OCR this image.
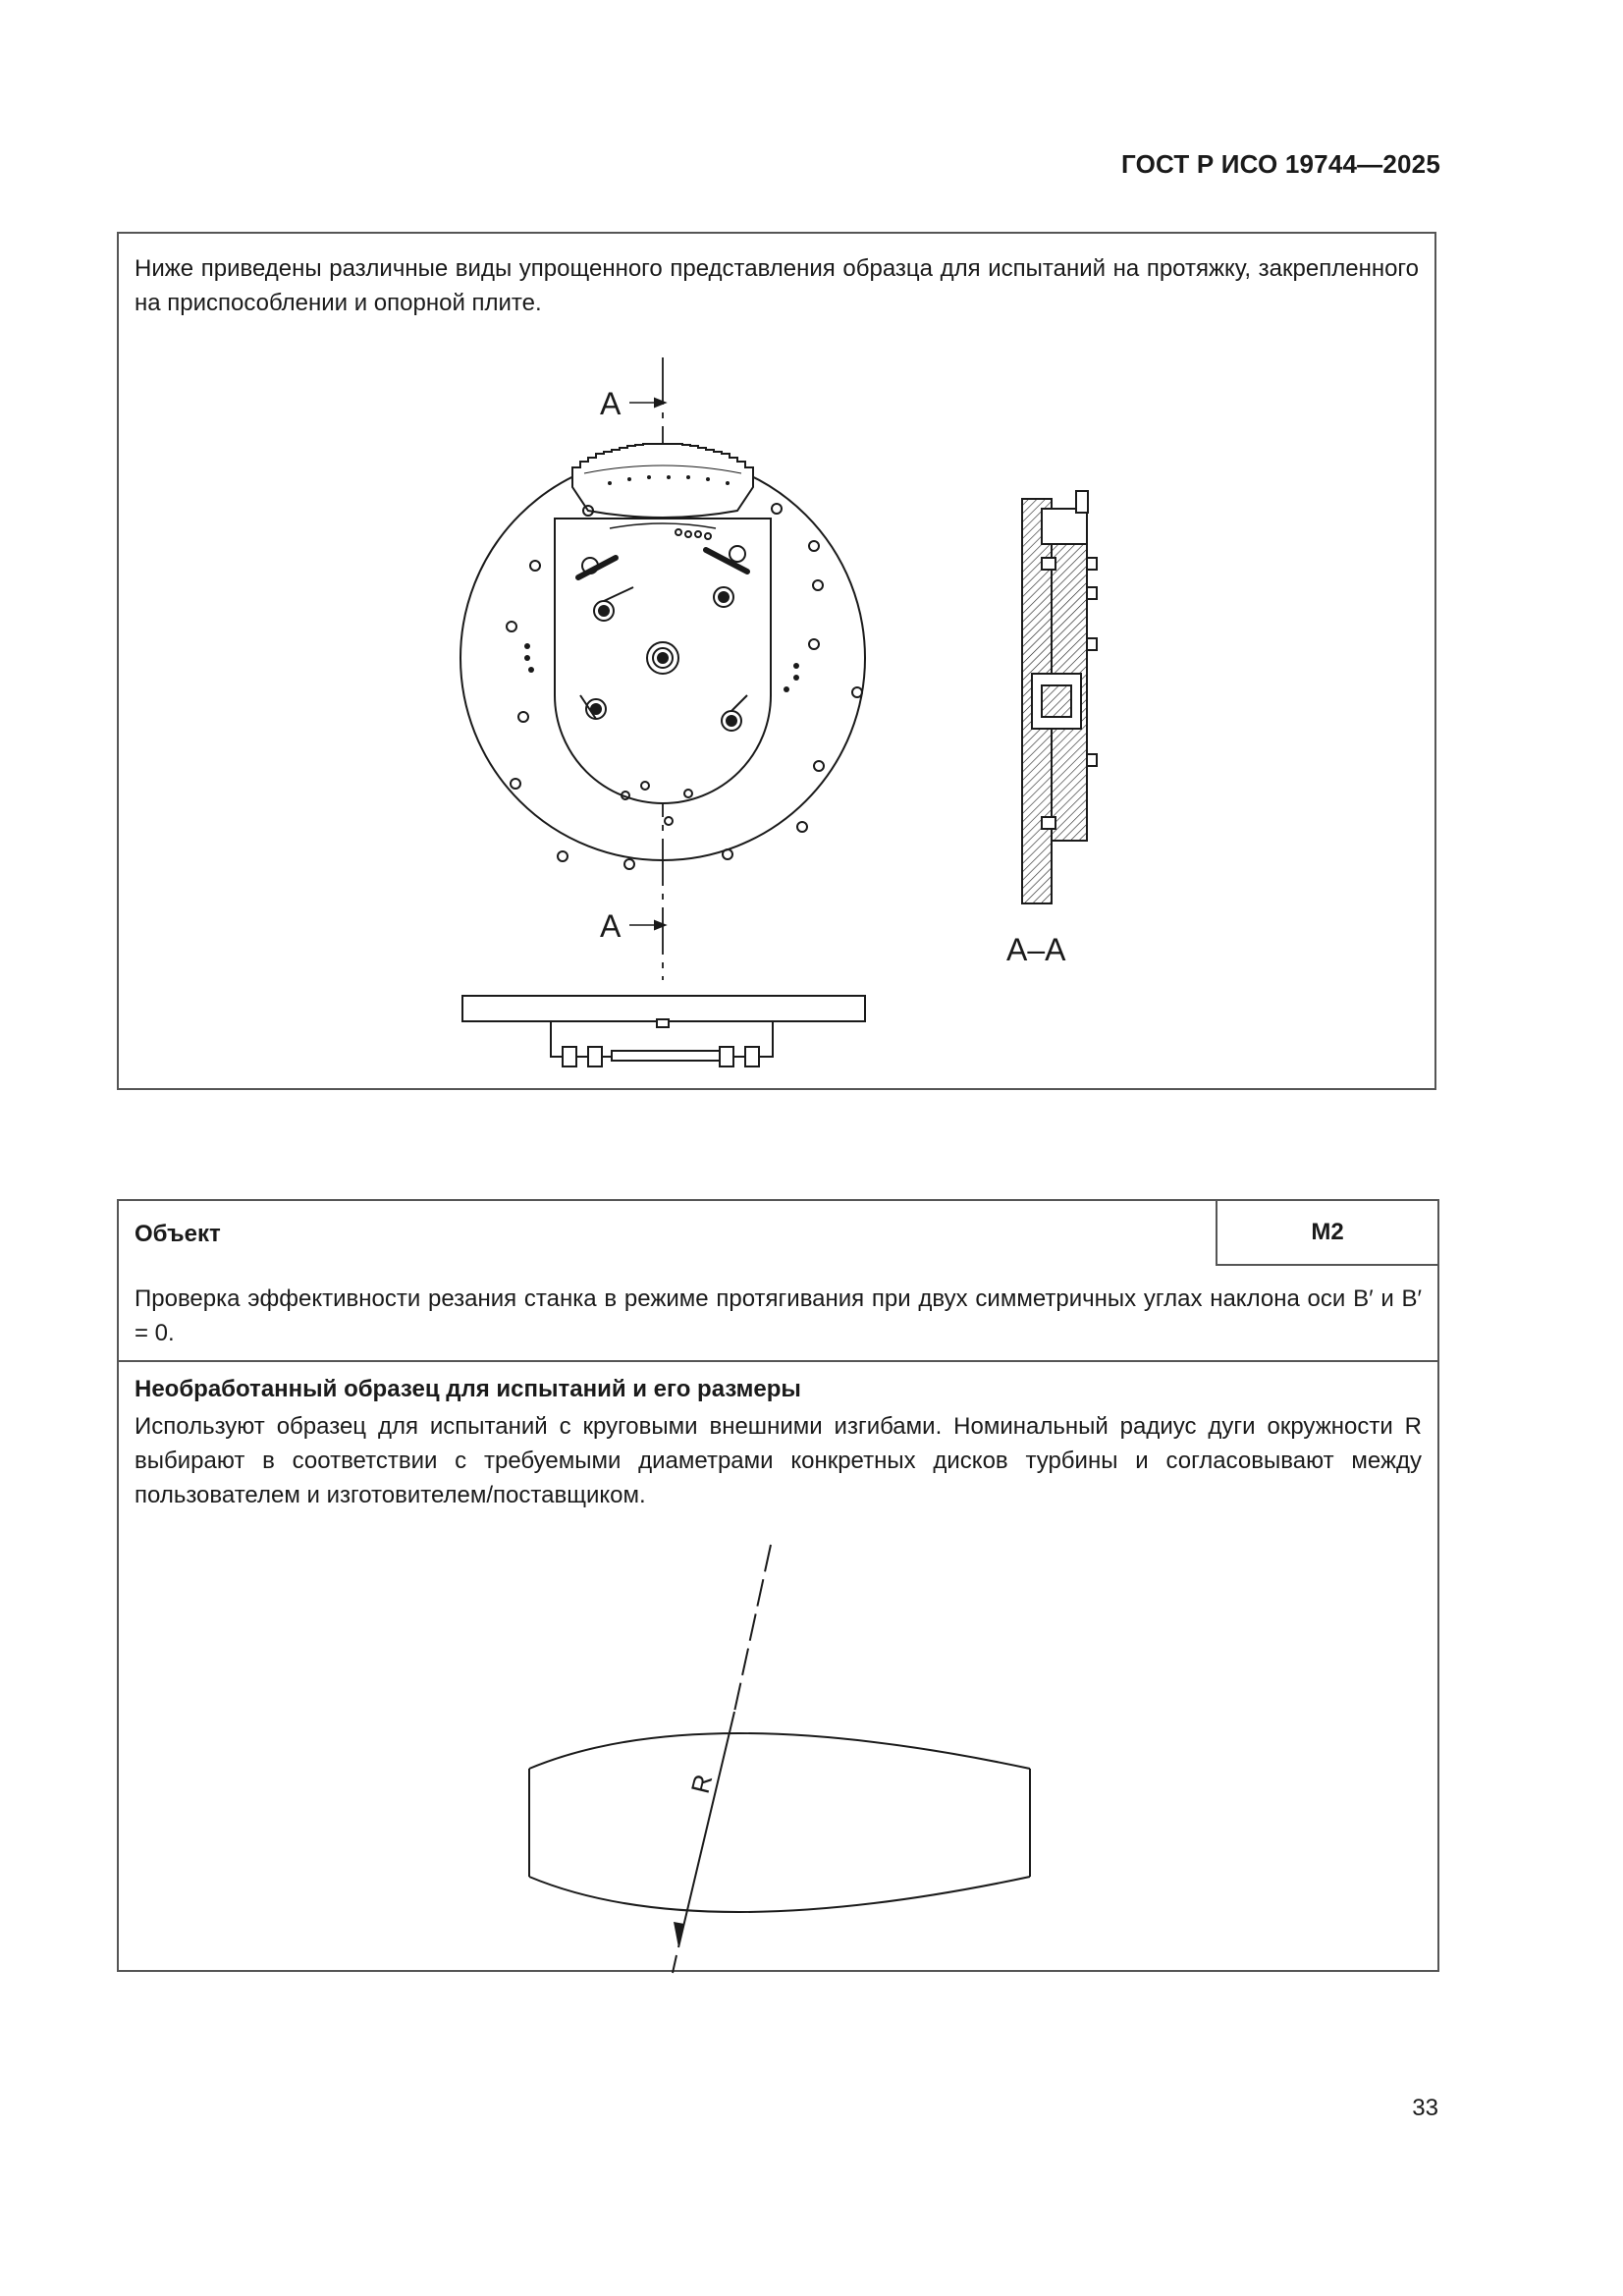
ГОСТ Р ИСО 19744—2025
Ниже приведены различные виды упрощенного представления образца для испытаний на протяжку, закрепленного на приспособлении и опорной плите.
А
А
А–А
Объект	M2
Проверка эффективности резания станка в режиме протягивания при двух симметричных углах наклона оси B′ и B′ = 0.
Необработанный образец для испытаний и его размеры
Используют образец для испытаний с круговыми внешними изгибами. Номинальный радиус дуги окружности R выбирают в соответствии с требуемыми диаметрами конкретных дисков турбины и согласовывают между пользователем и изготовителем/поставщиком.
R
33
